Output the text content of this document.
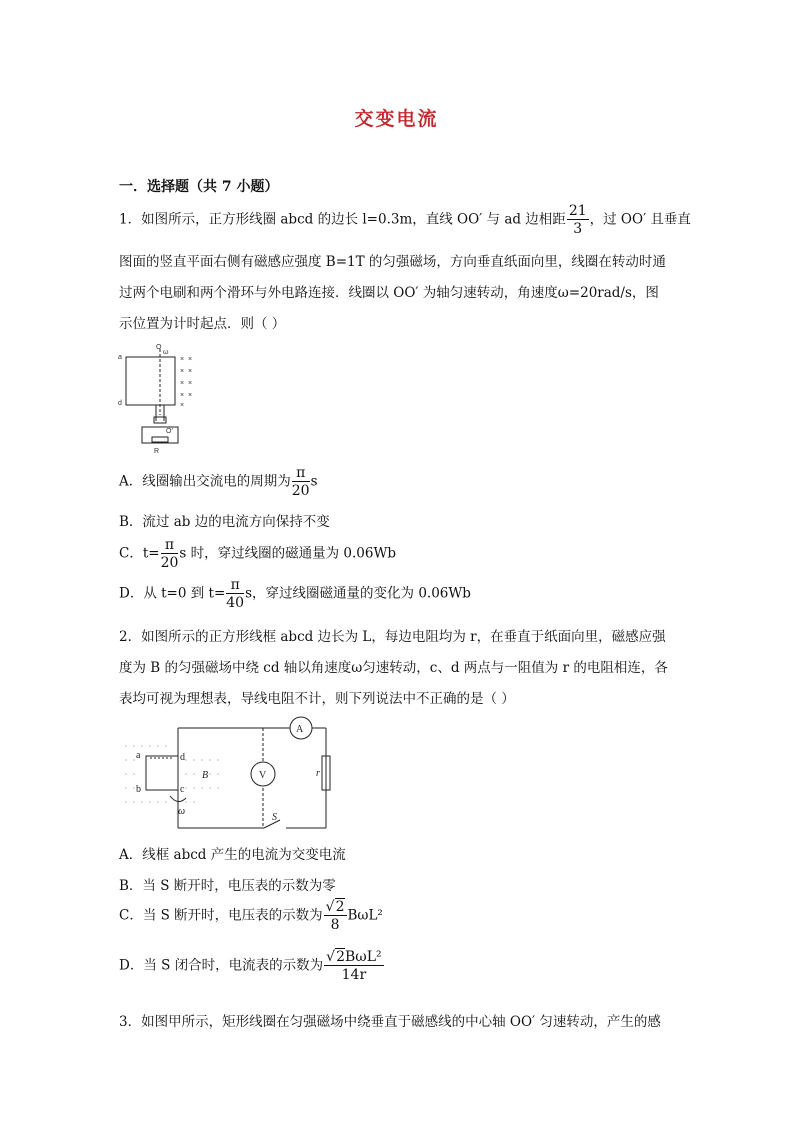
交变电流
一．选择题（共 7 小题）
1．如图所示，正方形线圈 abcd 的边长 l=0.3m，直线 OO′ 与 ad 边相距 $\frac{21}{3}$ ，过 OO′ 且垂直
图面的竖直平面右侧有磁感应强度 B=1T 的匀强磁场，方向垂直纸面向里，线圈在转动时通
过两个电刷和两个滑环与外电路连接．线圈以 OO′ 为轴匀速转动，角速度ω=20rad/s，图
示位置为计时起点．则（ ）
× ×
× ×
× ×
× ×
×
a
d
O
ω
O′
R
A．线圈输出交流电的周期为 $\frac{\pi}{20}$ s
B．流过 ab 边的电流方向保持不变
C．$t= \frac{\pi}{20}$ s 时，穿过线圈的磁通量为 0.06Wb
D．从 t=0 到 $t= \frac{\pi}{40}$ s，穿过线圈磁通量的变化为 0.06Wb
2．如图所示的正方形线框 abcd 边长为 L，每边电阻均为 r，在垂直于纸面向里，磁感应强
度为 B 的匀强磁场中绕 cd 轴以角速度ω匀速转动，c、d 两点与一阻值为 r 的电阻相连，各
表均可视为理想表，导线电阻不计，则下列说法中不正确的是（ ）
A
V
a
b	c
d
B	r
S
ω
A．线框 abcd 产生的电流为交变电流
B．当 S 断开时，电压表的示数为零
C．当 S 断开时，电压表的示数为 $\frac{√2}{8} B\omega L^2$
D．当 S 闭合时，电流表的示数为 $\frac{\text{√2BωL²}}{14r}$
3．如图甲所示，矩形线圈在匀强磁场中绕垂直于磁感线的中心轴 OO′ 匀速转动，产生的感
